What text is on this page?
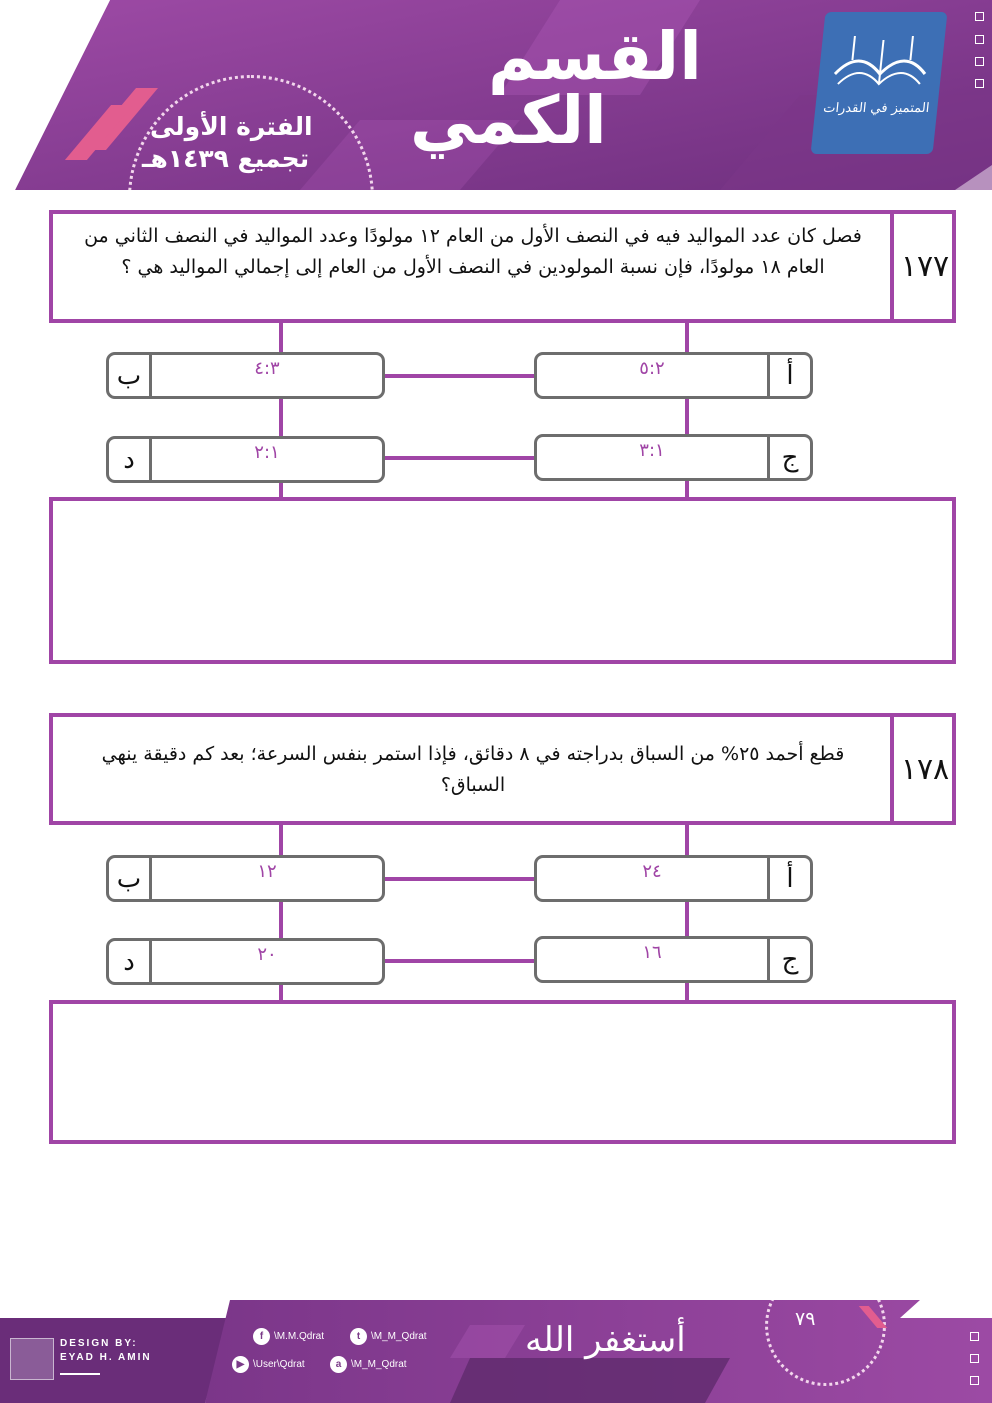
الفترة الأولى
تجميع ١٤٣٩هـ
القسم
الكمي	المتميز في القدرات
فصل كان عدد المواليد فيه في النصف الأول من العام ١٢ مولودًا وعدد المواليد في النصف الثاني من العام ١٨ مولودًا، فإن نسبة المولودين في النصف الأول من العام إلى إجمالي المواليد هي ؟	١٧٧
أ
٥:٢
ب	٤:٣
ج
٣:١
د	٢:١
قطع أحمد ٢٥% من السباق بدراجته في ٨ دقائق، فإذا استمر بنفس السرعة؛ بعد كم دقيقة ينهي السباق؟	١٧٨
أ
٢٤
ب	١٢
ج
١٦
د	٢٠
DESIGN BY:
EYAD H. AMIN
f	\M.M.Qdrat	t	\M_M_Qdrat
▶ \User\Qdrat	a \M_M_Qdrat
أستغفر الله
٧٩
